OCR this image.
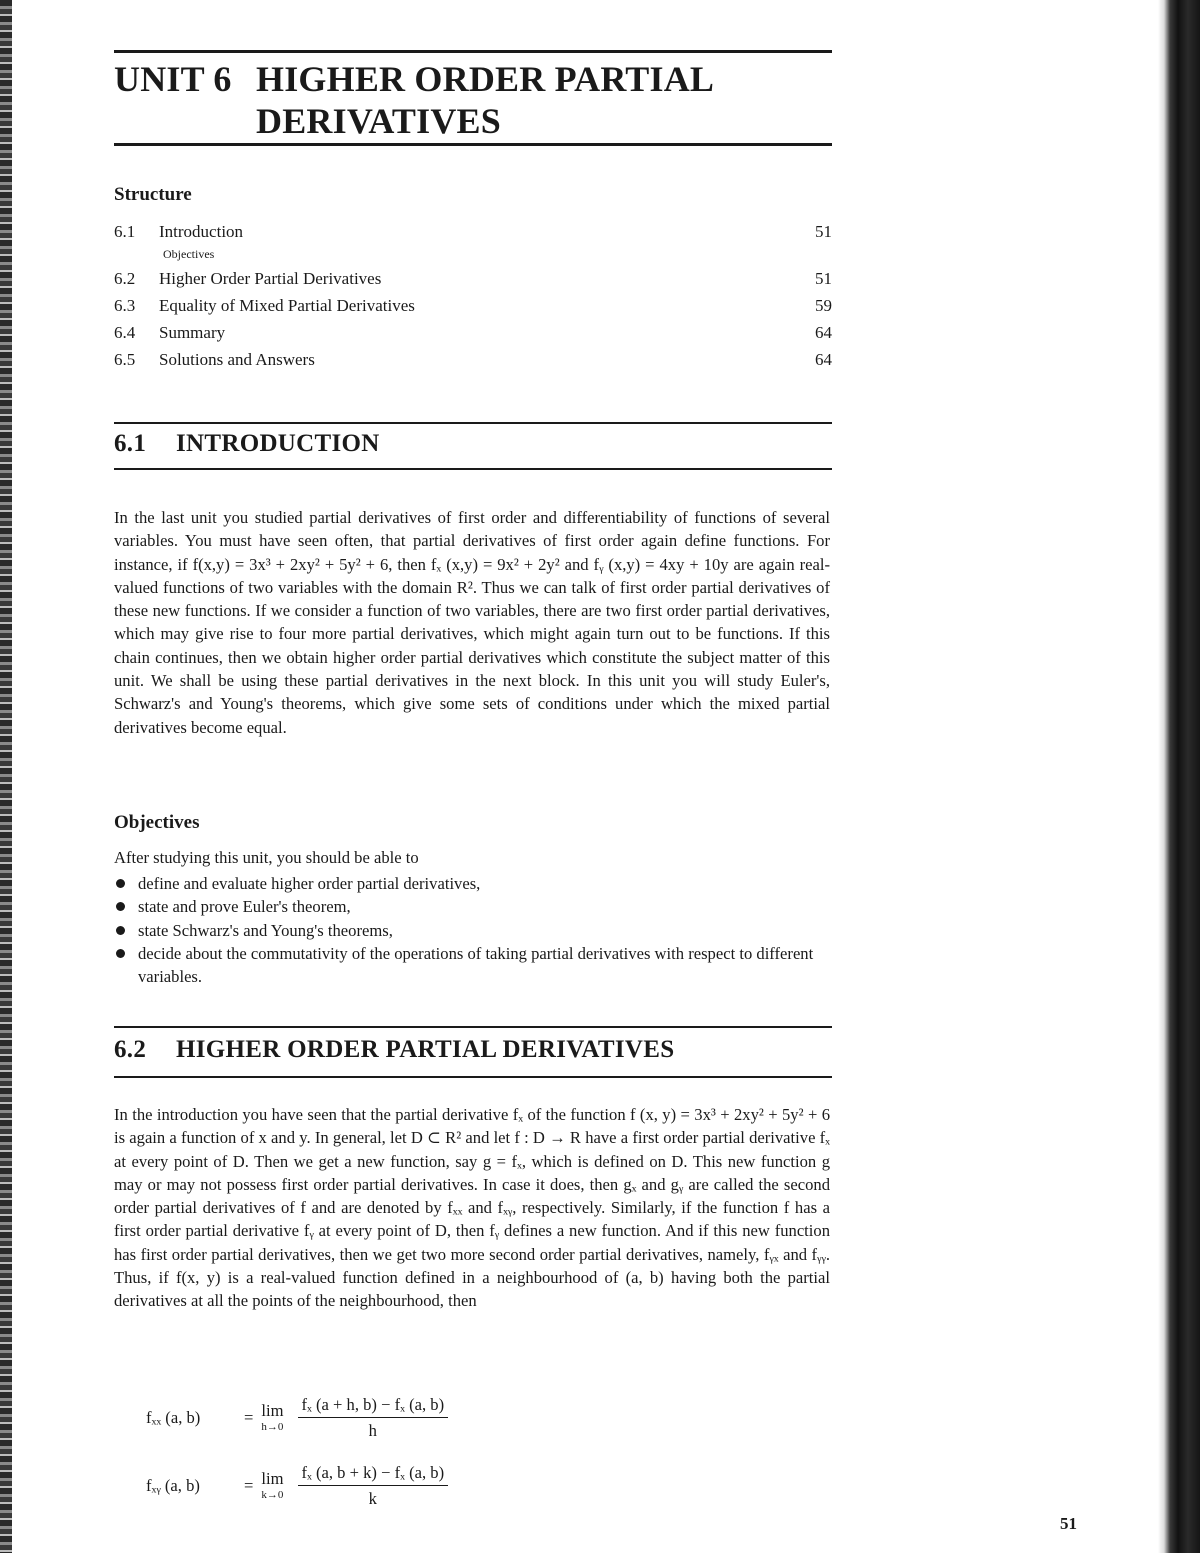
UNIT 6 HIGHER ORDER PARTIAL
DERIVATIVES
Structure
6.1 Introduction	51
Objectives
6.2 Higher Order Partial Derivatives	51
6.3 Equality of Mixed Partial Derivatives	59
6.4 Summary	64
6.5 Solutions and Answers	64
6.1 INTRODUCTION

In the last unit you studied partial derivatives of first order and differentiability of functions of several variables. You must have seen often, that partial derivatives of first order again define functions. For instance, if f(x,y) = 3x³ + 2xy² + 5y² + 6, then fₓ (x,y) = 9x² + 2y² and fᵧ (x,y) = 4xy + 10y are again real-valued functions of two variables with the domain R². Thus we can talk of first order partial derivatives of these new functions. If we consider a function of two variables, there are two first order partial derivatives, which may give rise to four more partial derivatives, which might again turn out to be functions. If this chain continues, then we obtain higher order partial derivatives which constitute the subject matter of this unit. We shall be using these partial derivatives in the next block. In this unit you will study Euler's, Schwarz's and Young's theorems, which give some sets of conditions under which the mixed partial derivatives become equal.

Objectives
After studying this unit, you should be able to
define and evaluate higher order partial derivatives,
state and prove Euler's theorem,
state Schwarz's and Young's theorems,
decide about the commutativity of the operations of taking partial derivatives with respect to different variables.
6.2 HIGHER ORDER PARTIAL DERIVATIVES

In the introduction you have seen that the partial derivative fₓ of the function f (x, y) = 3x³ + 2xy² + 5y² + 6 is again a function of x and y. In general, let D ⊂ R² and let f : D → R have a first order partial derivative fₓ at every point of D. Then we get a new function, say g = fₓ, which is defined on D. This new function g may or may not possess first order partial derivatives. In case it does, then gₓ and gᵧ are called the second order partial derivatives of f and are denoted by fₓₓ and fₓᵧ, respectively. Similarly, if the function f has a first order partial derivative fᵧ at every point of D, then fᵧ defines a new function. And if this new function has first order partial derivatives, then we get two more second order partial derivatives, namely, fᵧₓ and fᵧᵧ. Thus, if f(x, y) is a real-valued function defined in a neighbourhood of (a, b) having both the partial derivatives at all the points of the neighbourhood, then

fₓₓ (a, b)	= lim
$h\to 0 \frac{\text{fₓ (a + h, b) − fₓ (a, b)}}{h}$
fₓᵧ (a, b)	= lim
$k\to 0 \frac{\text{fₓ (a, b + k) − fₓ (a, b)}}{k}$
51
